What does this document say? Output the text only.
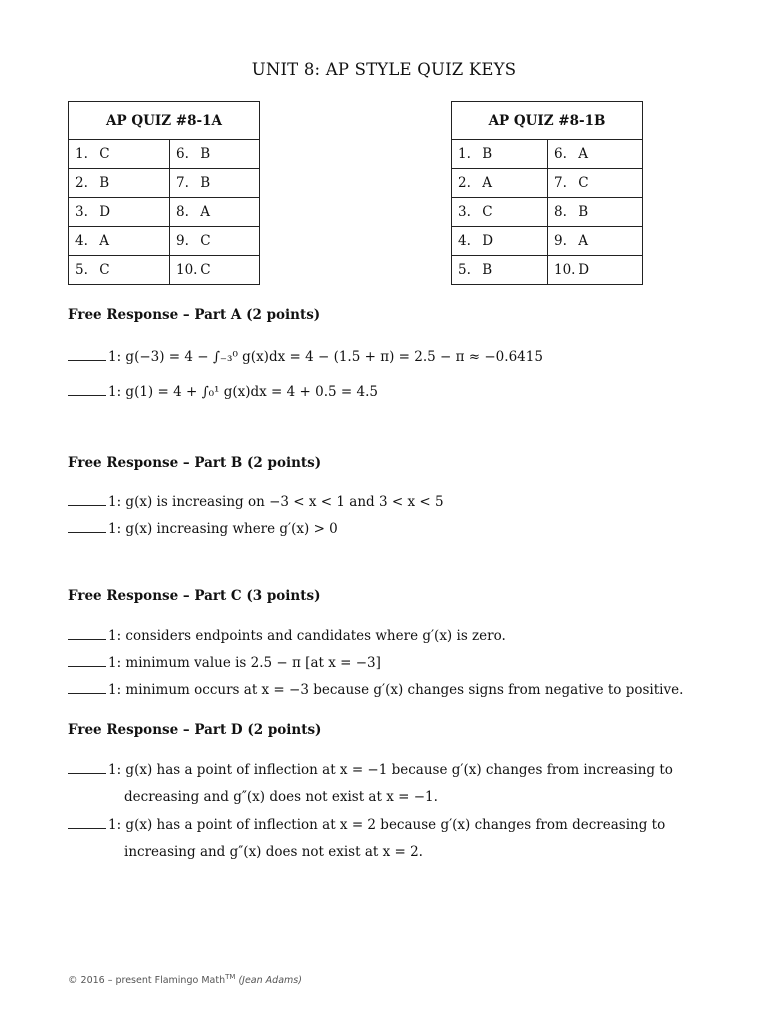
UNIT 8: AP STYLE QUIZ KEYS
AP QUIZ #8-1A	
1. C	6. B
2. B	7. B
3. D	8. A
4. A	9. C
5. C	10. C
AP QUIZ #8-1B	
1. B	6. A
2. A	7. C
3. C	8. B
4. D	9. A
5. B	10. D
Free Response – Part A (2 points)
1: g(−3) = 4 − ∫₋₃⁰ g(x)dx = 4 − (1.5 + π) = 2.5 − π ≈ −0.6415
1: g(1) = 4 + ∫₀¹ g(x)dx = 4 + 0.5 = 4.5
Free Response – Part B (2 points)
1: g(x) is increasing on −3 < x < 1 and 3 < x < 5
1: g(x) increasing where g′(x) > 0
Free Response – Part C (3 points)
1: considers endpoints and candidates where g′(x) is zero.
1: minimum value is 2.5 − π [at x = −3]
1: minimum occurs at x = −3 because g′(x) changes signs from negative to positive.
Free Response – Part D (2 points)
1: g(x) has a point of inflection at x = −1 because g′(x) changes from increasing to
decreasing and g″(x) does not exist at x = −1.
1: g(x) has a point of inflection at x = 2 because g′(x) changes from decreasing to
increasing and g″(x) does not exist at x = 2.
© 2016 – present Flamingo Math™ (Jean Adams)
